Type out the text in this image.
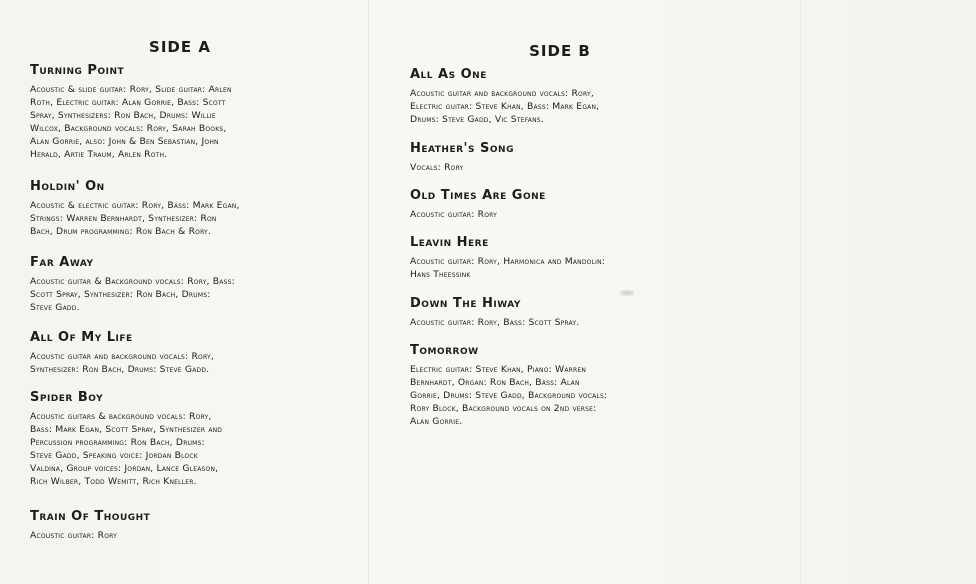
SIDE A
Turning Point

Acoustic & slide guitar: Rory, Slide guitar: Arlen
Roth, Electric guitar: Alan Gorrie, Bass: Scott
Spray, Synthesizers: Ron Bach, Drums: Willie
Wilcox, Background vocals: Rory, Sarah Books,
Alan Gorrie, also: John & Ben Sebastian, John
Herald, Artie Traum, Arlen Roth.

Holdin' On

Acoustic & electric guitar: Rory, Bass: Mark Egan,
Strings: Warren Bernhardt, Synthesizer: Ron
Bach, Drum programming: Ron Bach & Rory.

Far Away

Acoustic guitar & Background vocals: Rory, Bass:
Scott Spray, Synthesizer: Ron Bach, Drums:
Steve Gadd.

All Of My Life

Acoustic guitar and background vocals: Rory,
Synthesizer: Ron Bach, Drums: Steve Gadd.

Spider Boy

Acoustic guitars & background vocals: Rory,
Bass: Mark Egan, Scott Spray, Synthesizer and
Percussion programming: Ron Bach, Drums:
Steve Gadd, Speaking voice: Jordan Block
Valdina, Group voices: Jordan, Lance Gleason,
Rich Wilber, Todd Wemitt, Rich Kneller.

Train Of Thought

Acoustic guitar: Rory

SIDE B
All As One

Acoustic guitar and background vocals: Rory,
Electric guitar: Steve Khan, Bass: Mark Egan,
Drums: Steve Gadd, Vic Stefans.

Heather's Song

Vocals: Rory

Old Times Are Gone

Acoustic guitar: Rory

Leavin Here

Acoustic guitar: Rory, Harmonica and Mandolin:
Hans Theessink

Down The Hiway

Acoustic guitar: Rory, Bass: Scott Spray.

Tomorrow

Electric guitar: Steve Khan, Piano: Warren
Bernhardt, Organ: Ron Bach, Bass: Alan
Gorrie, Drums: Steve Gadd, Background vocals:
Rory Block, Background vocals on 2nd verse:
Alan Gorrie.
